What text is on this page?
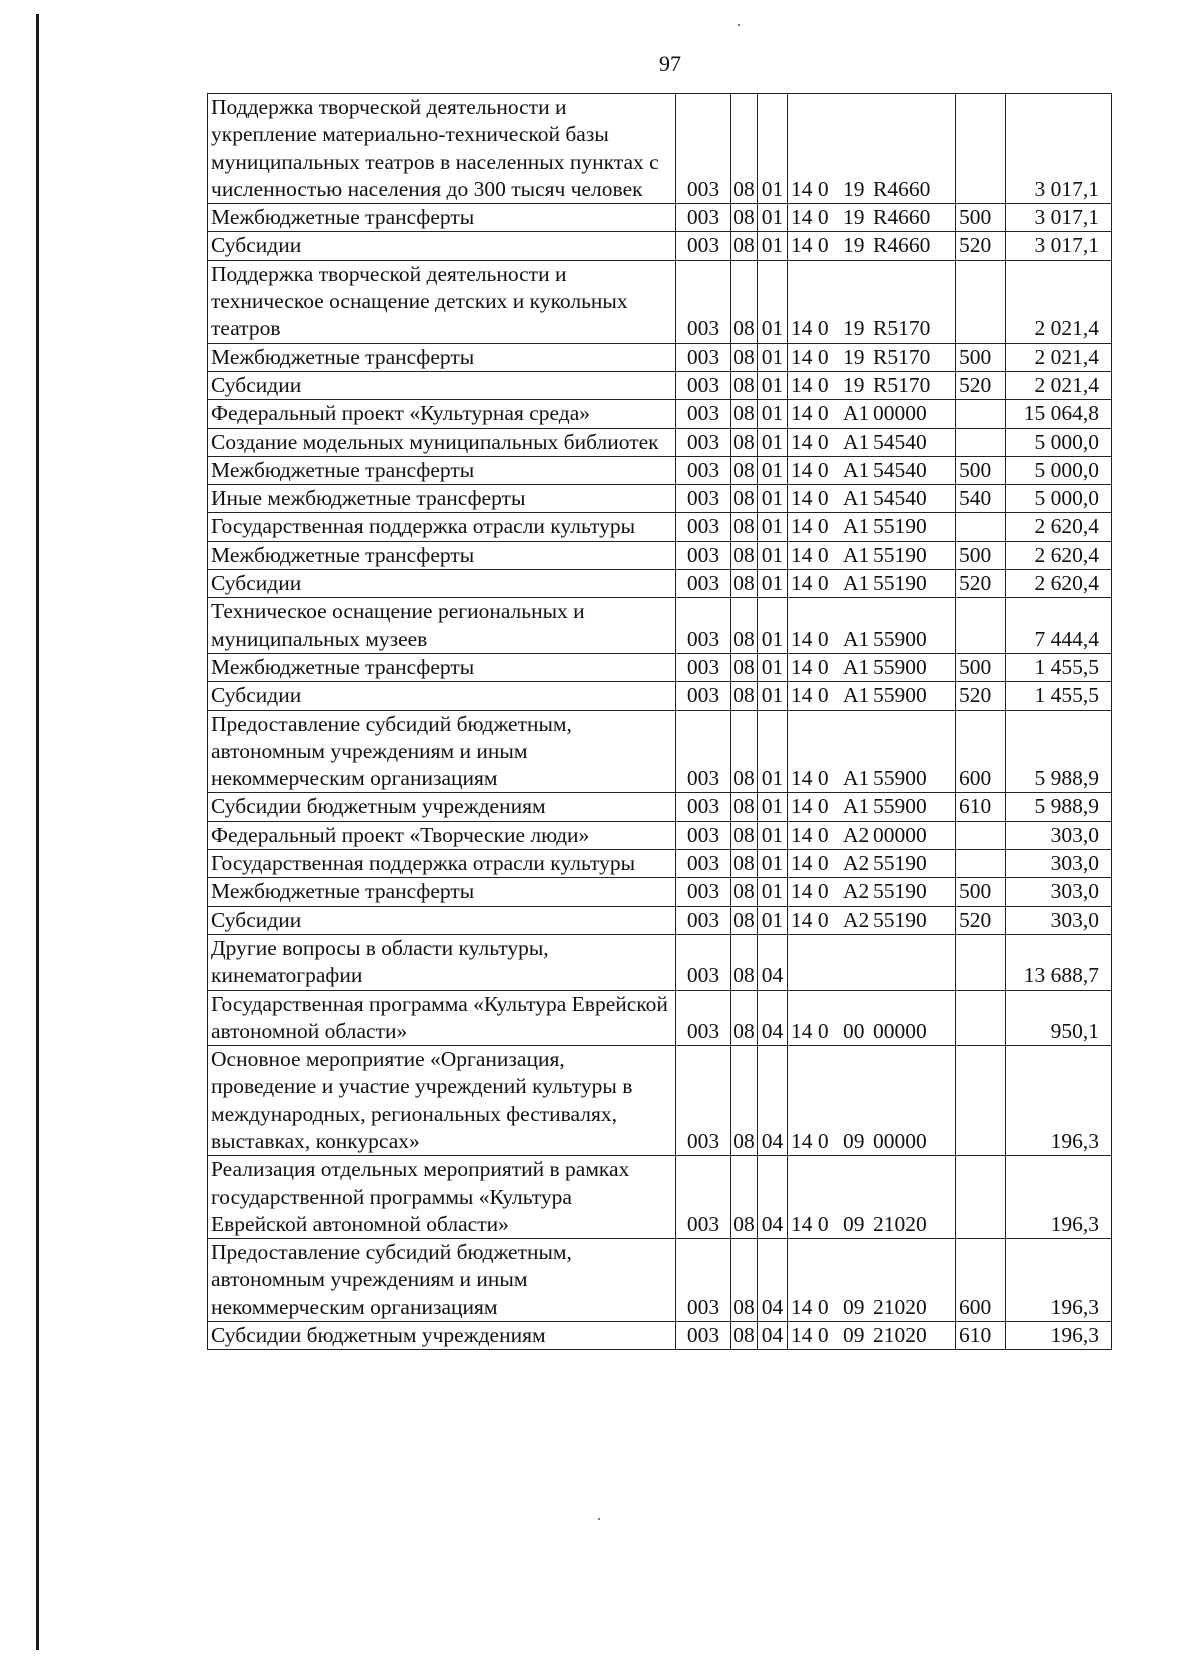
97
Поддержка творческой деятельности и укрепление материально-технической базы муниципальных театров в населенных пунктах с численностью населения до 300 тысяч человек	003	08	01	14 0 19 R4660		3 017,1
Межбюджетные трансферты	003	08	01	14 0 19 R4660	500	3 017,1
Субсидии	003	08	01	14 0 19 R4660	520	3 017,1
Поддержка творческой деятельности и техническое оснащение детских и кукольных театров	003	08	01	14 0 19 R5170		2 021,4
Межбюджетные трансферты	003	08	01	14 0 19 R5170	500	2 021,4
Субсидии	003	08	01	14 0 19 R5170	520	2 021,4
Федеральный проект «Культурная среда»	003	08	01	14 0 A1 00000		15 064,8
Создание модельных муниципальных библиотек	003	08	01	14 0 A1 54540		5 000,0
Межбюджетные трансферты	003	08	01	14 0 A1 54540	500	5 000,0
Иные межбюджетные трансферты	003	08	01	14 0 A1 54540	540	5 000,0
Государственная поддержка отрасли культуры	003	08	01	14 0 A1 55190		2 620,4
Межбюджетные трансферты	003	08	01	14 0 A1 55190	500	2 620,4
Субсидии	003	08	01	14 0 A1 55190	520	2 620,4
Техническое оснащение региональных и муниципальных музеев	003	08	01	14 0 A1 55900		7 444,4
Межбюджетные трансферты	003	08	01	14 0 A1 55900	500	1 455,5
Субсидии	003	08	01	14 0 A1 55900	520	1 455,5
Предоставление субсидий бюджетным, автономным учреждениям и иным некоммерческим организациям	003	08	01	14 0 A1 55900	600	5 988,9
Субсидии бюджетным учреждениям	003	08	01	14 0 A1 55900	610	5 988,9
Федеральный проект «Творческие люди»	003	08	01	14 0 A2 00000		303,0
Государственная поддержка отрасли культуры	003	08	01	14 0 A2 55190		303,0
Межбюджетные трансферты	003	08	01	14 0 A2 55190	500	303,0
Субсидии	003	08	01	14 0 A2 55190	520	303,0
Другие вопросы в области культуры, кинематографии	003	08	04			13 688,7
Государственная программа «Культура Еврейской автономной области»	003	08	04	14 0 00 00000		950,1
Основное мероприятие «Организация, проведение и участие учреждений культуры в международных, региональных фестивалях, выставках, конкурсах»	003	08	04	14 0 09 00000		196,3
Реализация отдельных мероприятий в рамках государственной программы «Культура Еврейской автономной области»	003	08	04	14 0 09 21020		196,3
Предоставление субсидий бюджетным, автономным учреждениям и иным некоммерческим организациям	003	08	04	14 0 09 21020	600	196,3
Субсидии бюджетным учреждениям	003	08	04	14 0 09 21020	610	196,3
